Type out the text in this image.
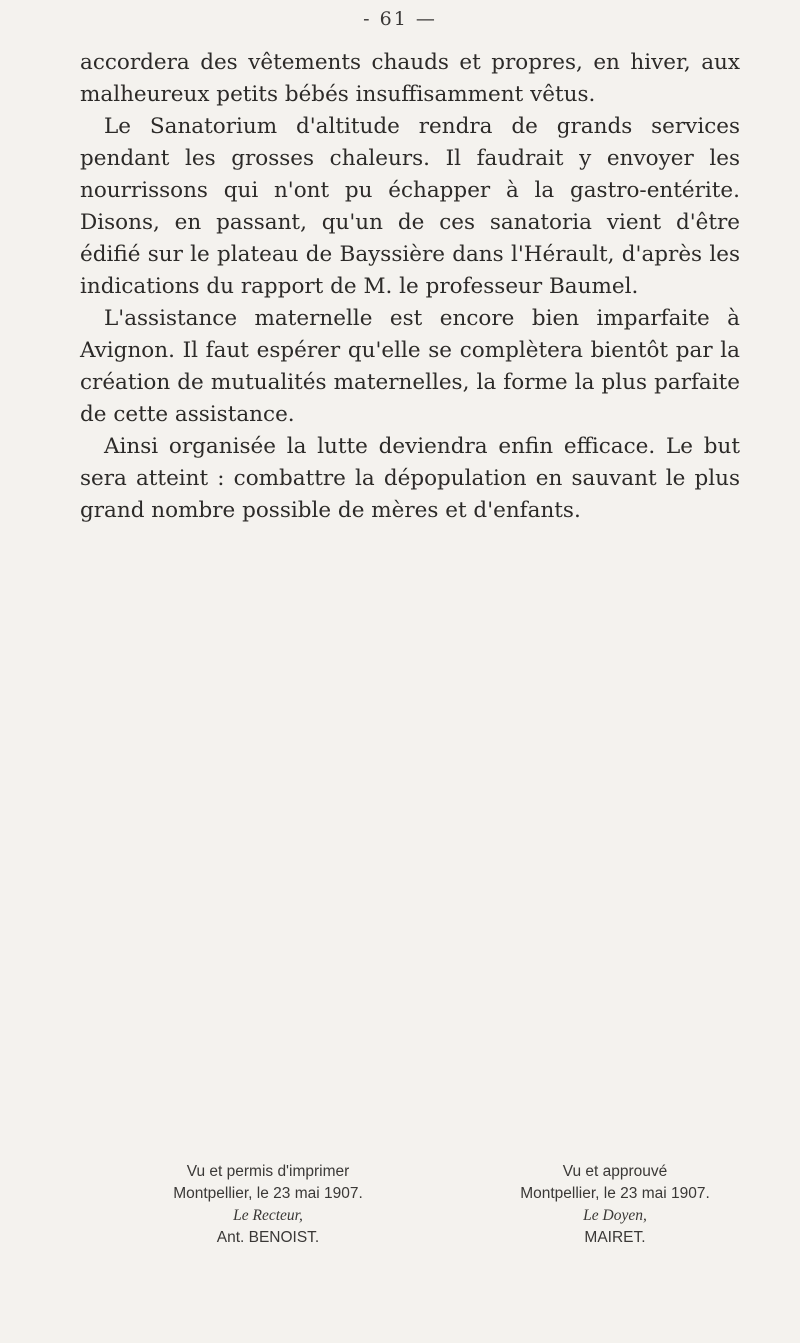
- 61 —

accordera des vêtements chauds et propres, en hiver, aux malheureux petits bébés insuffisamment vêtus.

Le Sanatorium d'altitude rendra de grands services pendant les grosses chaleurs. Il faudrait y envoyer les nourrissons qui n'ont pu échapper à la gastro-entérite. Disons, en passant, qu'un de ces sanatoria vient d'être édifié sur le plateau de Bayssière dans l'Hérault, d'après les indications du rapport de M. le professeur Baumel.

L'assistance maternelle est encore bien imparfaite à Avignon. Il faut espérer qu'elle se complètera bientôt par la création de mutualités maternelles, la forme la plus parfaite de cette assistance.

Ainsi organisée la lutte deviendra enfin efficace. Le but sera atteint : combattre la dépopulation en sauvant le plus grand nombre possible de mères et d'enfants.

Vu et permis d'imprimer
Montpellier, le 23 mai 1907.
Le Recteur,
Ant. BENOIST.
Vu et approuvé
Montpellier, le 23 mai 1907.
Le Doyen,
MAIRET.
